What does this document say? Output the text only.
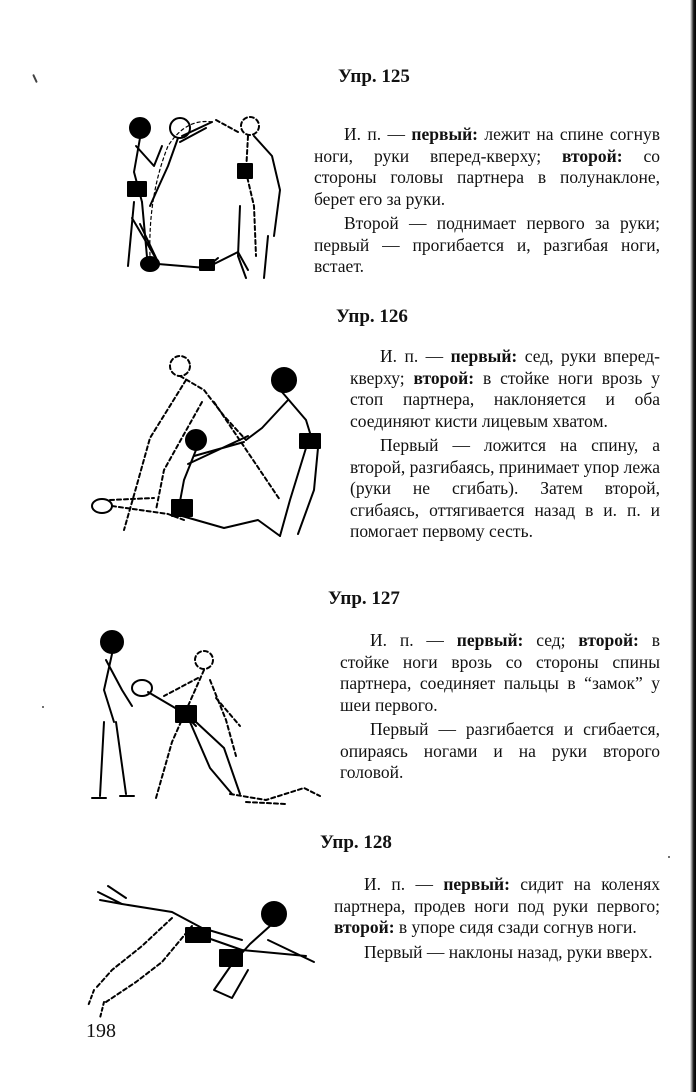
Упр. 125

И. п. — первый: лежит на спине согнув ноги, руки вперед-кверху; второй: со стороны головы партнера в полунаклоне, берет его за руки.

Второй — поднимает первого за руки; первый — прогибается и, разгибая ноги, встает.

Упр. 126

И. п. — первый: сед, руки вперед-кверху; второй: в стойке ноги врозь у стоп партнера, наклоняется и оба соединяют кисти лицевым хватом.

Первый — ложится на спину, а второй, разгибаясь, принимает упор лежа (руки не сгибать). Затем второй, сгибаясь, оттягивается назад в и. п. и помогает первому сесть.

Упр. 127

И. п. — первый: сед; второй: в стойке ноги врозь со стороны спины партнера, соединяет пальцы в “замок” у шеи первого.

Первый — разгибается и сгибается, опираясь ногами и на руки второго головой.

Упр. 128

И. п. — первый: сидит на коленях партнера, продев ноги под руки первого; второй: в упоре сидя сзади согнув ноги.

Первый — наклоны назад, руки вверх.

198
